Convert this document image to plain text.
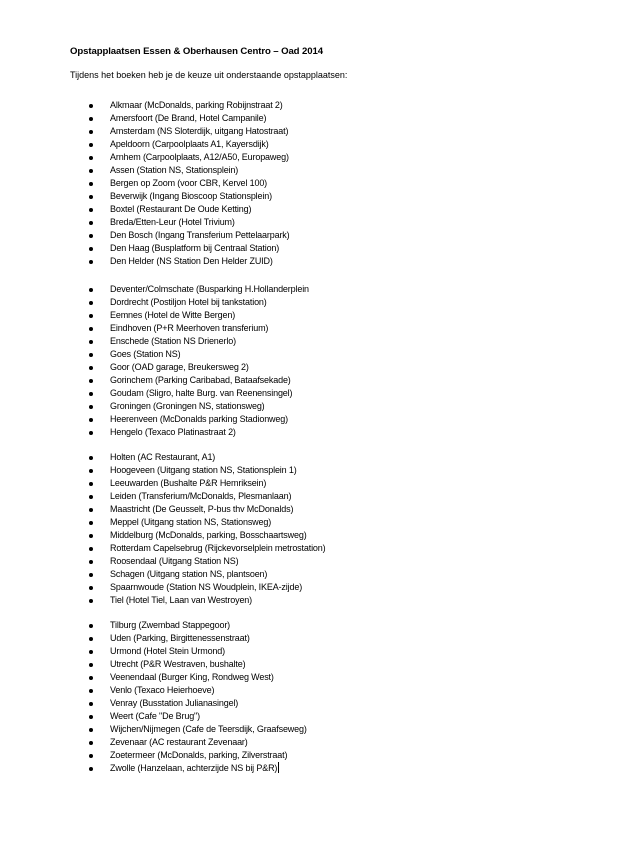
Opstapplaatsen Essen & Oberhausen Centro – Oad 2014
Tijdens het boeken heb je de keuze uit onderstaande opstapplaatsen:
Alkmaar (McDonalds, parking Robijnstraat 2)
Amersfoort (De Brand, Hotel Campanile)
Amsterdam (NS Sloterdijk, uitgang Hatostraat)
Apeldoorn (Carpoolplaats A1, Kayersdijk)
Arnhem (Carpoolplaats, A12/A50, Europaweg)
Assen (Station NS, Stationsplein)
Bergen op Zoom (voor CBR, Kervel 100)
Beverwijk (Ingang Bioscoop Stationsplein)
Boxtel (Restaurant De Oude Ketting)
Breda/Etten-Leur (Hotel Trivium)
Den Bosch (Ingang Transferium Pettelaarpark)
Den Haag (Busplatform bij Centraal Station)
Den Helder (NS Station Den Helder ZUID)
Deventer/Colmschate (Busparking H.Hollanderplein
Dordrecht (Postiljon Hotel bij tankstation)
Eemnes (Hotel de Witte Bergen)
Eindhoven (P+R Meerhoven transferium)
Enschede (Station NS Drienerlo)
Goes (Station NS)
Goor (OAD garage, Breukersweg 2)
Gorinchem (Parking Caribabad, Bataafsekade)
Goudam (Sligro, halte Burg. van Reenensingel)
Groningen (Groningen NS, stationsweg)
Heerenveen (McDonalds parking Stadionweg)
Hengelo (Texaco Platinastraat 2)
Holten (AC Restaurant, A1)
Hoogeveen (Uitgang station NS, Stationsplein 1)
Leeuwarden (Bushalte P&R Hemriksein)
Leiden (Transferium/McDonalds, Plesmanlaan)
Maastricht (De Geusselt, P-bus thv McDonalds)
Meppel (Uitgang station NS, Stationsweg)
Middelburg (McDonalds, parking, Bosschaartsweg)
Rotterdam Capelsebrug (Rijckevorselplein metrostation)
Roosendaal (Uitgang Station NS)
Schagen (Uitgang station NS, plantsoen)
Spaarnwoude (Station NS Woudplein, IKEA-zijde)
Tiel (Hotel Tiel, Laan van Westroyen)
Tilburg (Zwembad Stappegoor)
Uden (Parking, Birgittenessenstraat)
Urmond (Hotel Stein Urmond)
Utrecht (P&R Westraven, bushalte)
Veenendaal (Burger King, Rondweg West)
Venlo (Texaco Heierhoeve)
Venray (Busstation Julianasingel)
Weert (Cafe "De Brug")
Wijchen/Nijmegen (Cafe de Teersdijk, Graafseweg)
Zevenaar (AC restaurant Zevenaar)
Zoetermeer (McDonalds, parking, Zilverstraat)
Zwolle (Hanzelaan, achterzijde NS bij P&R)
